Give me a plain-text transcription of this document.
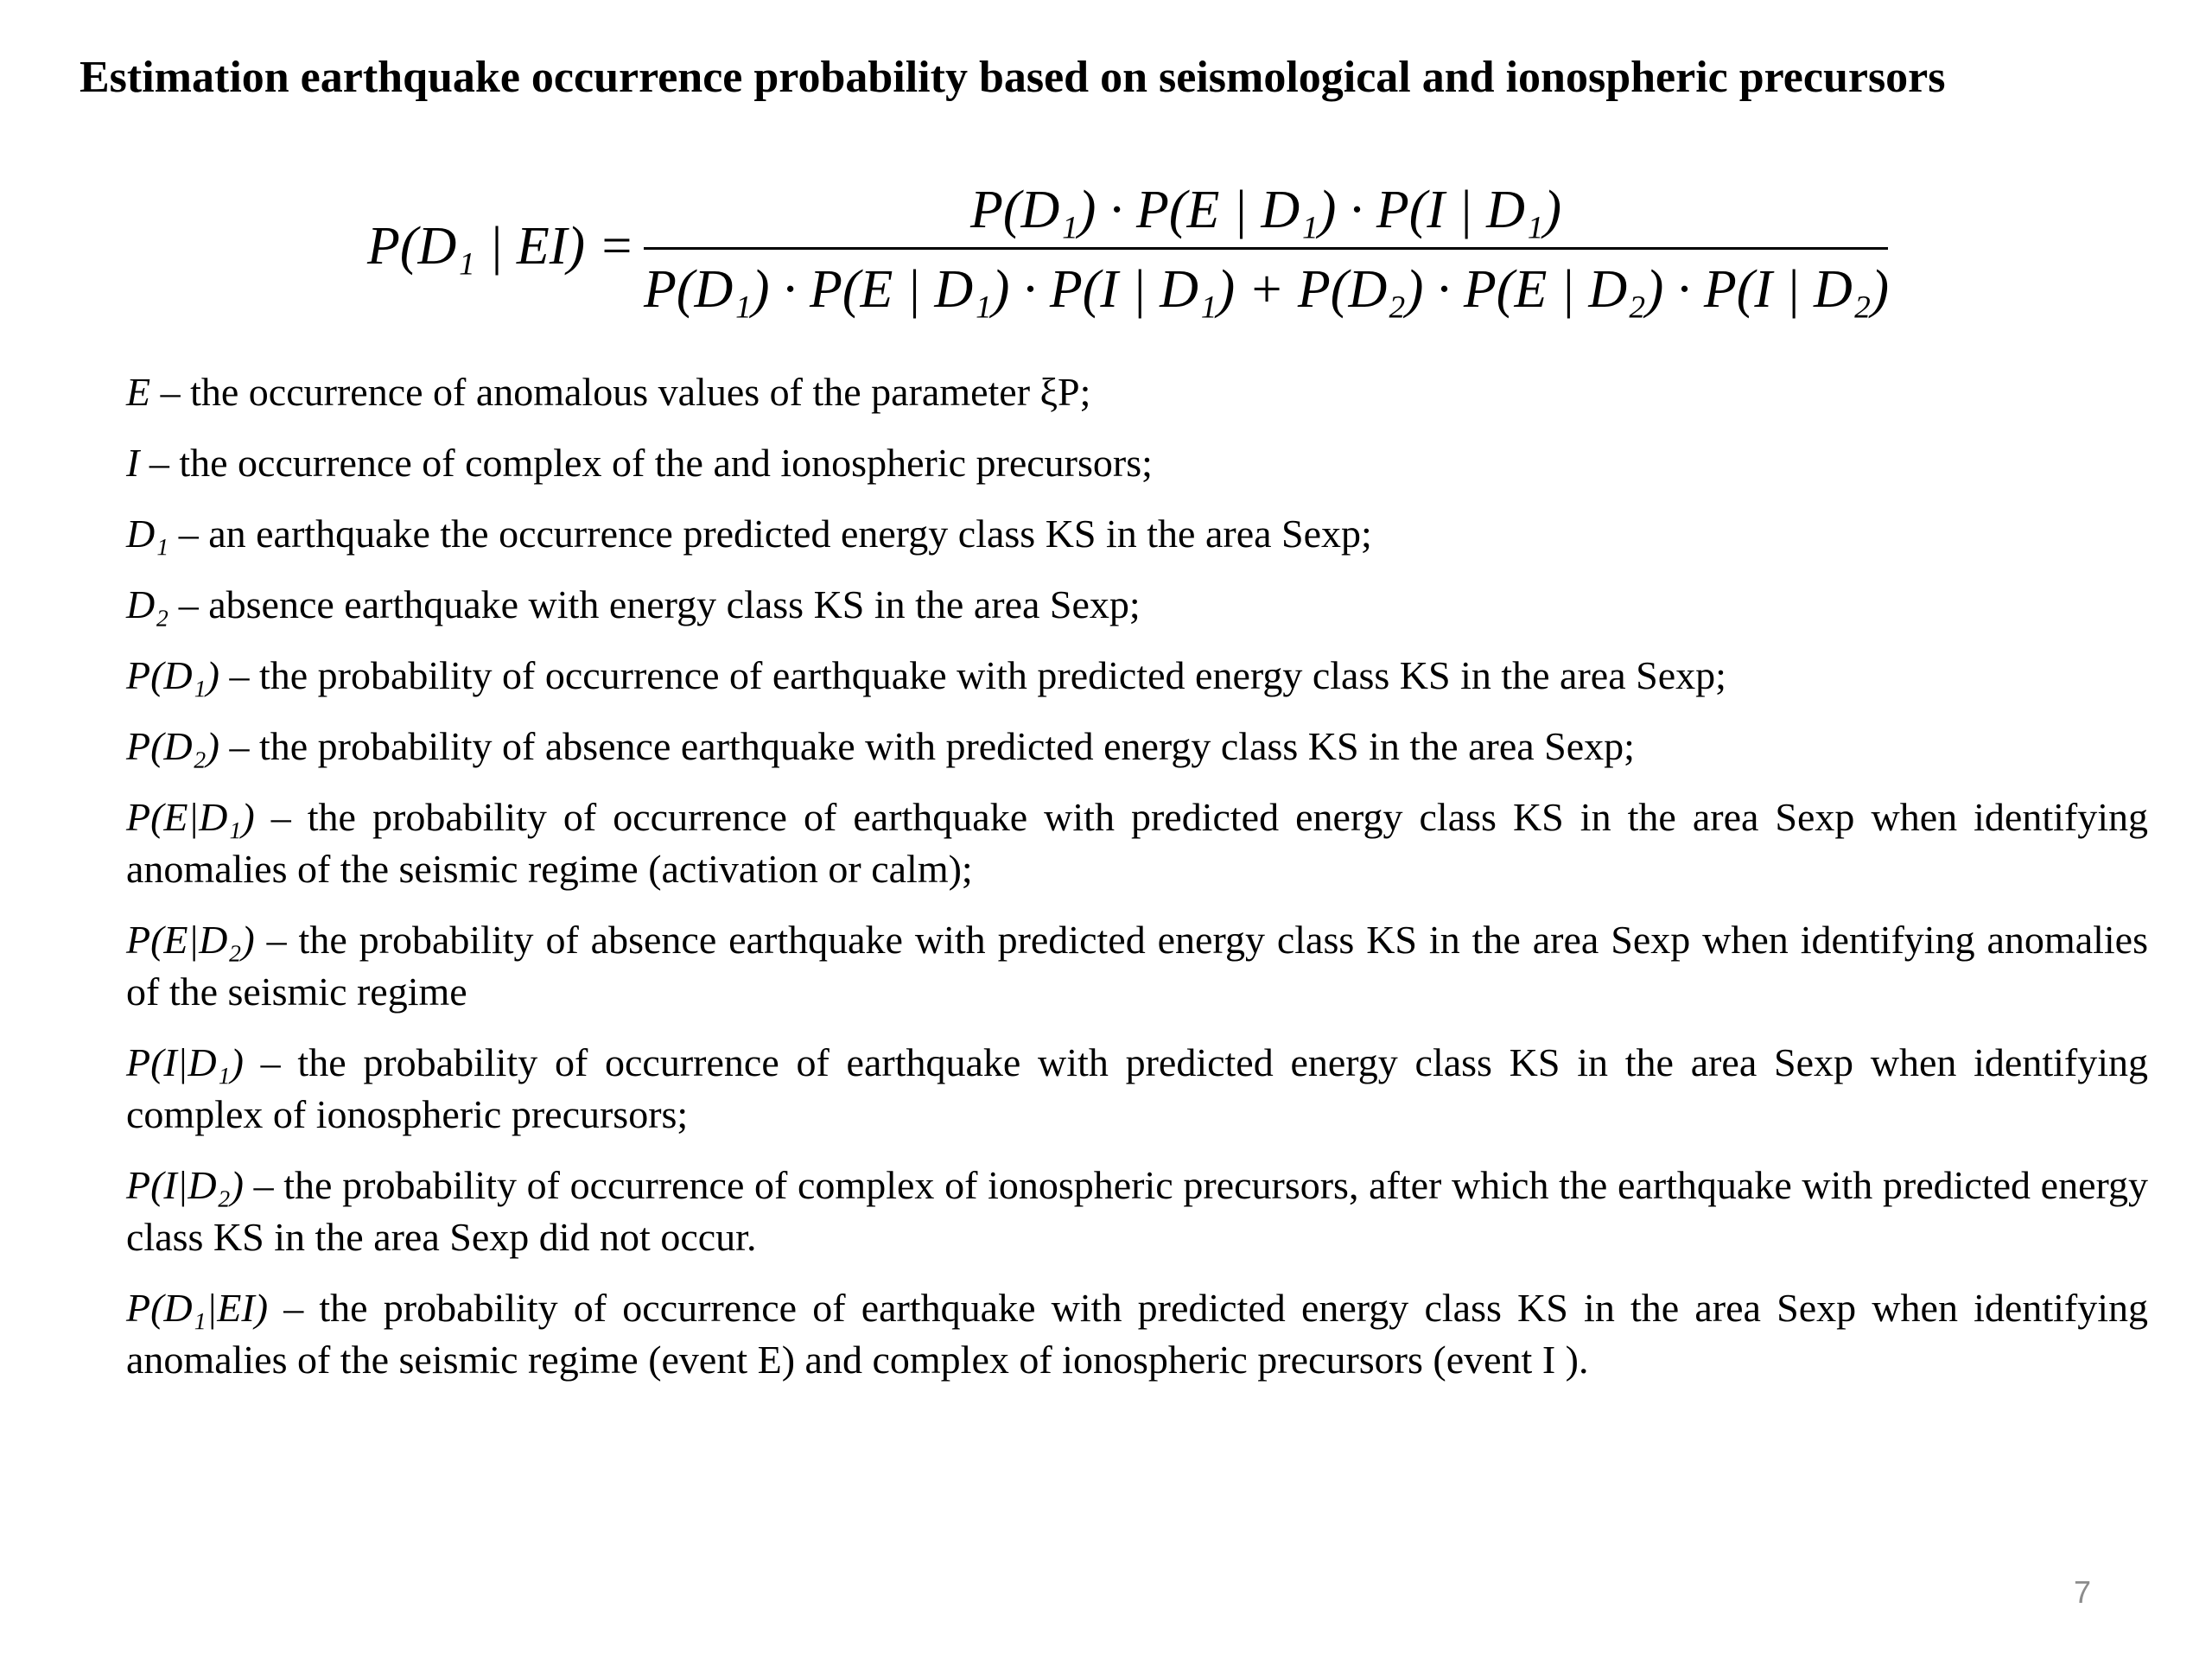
Estimation earthquake occurrence probability based on seismological and ionospheric precursors
P(D₁ | EI) =
P(D₁) · P(E | D₁) · P(I | D₁)
P(D₁) · P(E | D₁) · P(I | D₁) + P(D₂) · P(E | D₂) · P(I | D₂)
E – the occurrence of anomalous values of the parameter ξP;
I – the occurrence of complex of the and ionospheric precursors;
D₁ – an earthquake the occurrence predicted energy class KS in the area Sexp;
D₂ – absence earthquake with energy class KS in the area Sexp;
P(D₁) – the probability of occurrence of earthquake with predicted energy class KS in the area Sexp;
P(D₂) – the probability of absence earthquake with predicted energy class KS in the area Sexp;
P(E|D₁) – the probability of occurrence of earthquake with predicted energy class KS in the area Sexp when identifying anomalies of the seismic regime (activation or calm);
P(E|D₂) – the probability of absence earthquake with predicted energy class KS in the area Sexp when identifying anomalies of the seismic regime
P(I|D₁) – the probability of occurrence of earthquake with predicted energy class KS in the area Sexp when identifying complex of ionospheric precursors;
P(I|D₂) – the probability of occurrence of complex of ionospheric precursors, after which the earthquake with predicted energy class KS in the area Sexp did not occur.
P(D₁|EI) – the probability of occurrence of earthquake with predicted energy class KS in the area Sexp when identifying anomalies of the seismic regime (event E) and complex of ionospheric precursors (event I ).
7
